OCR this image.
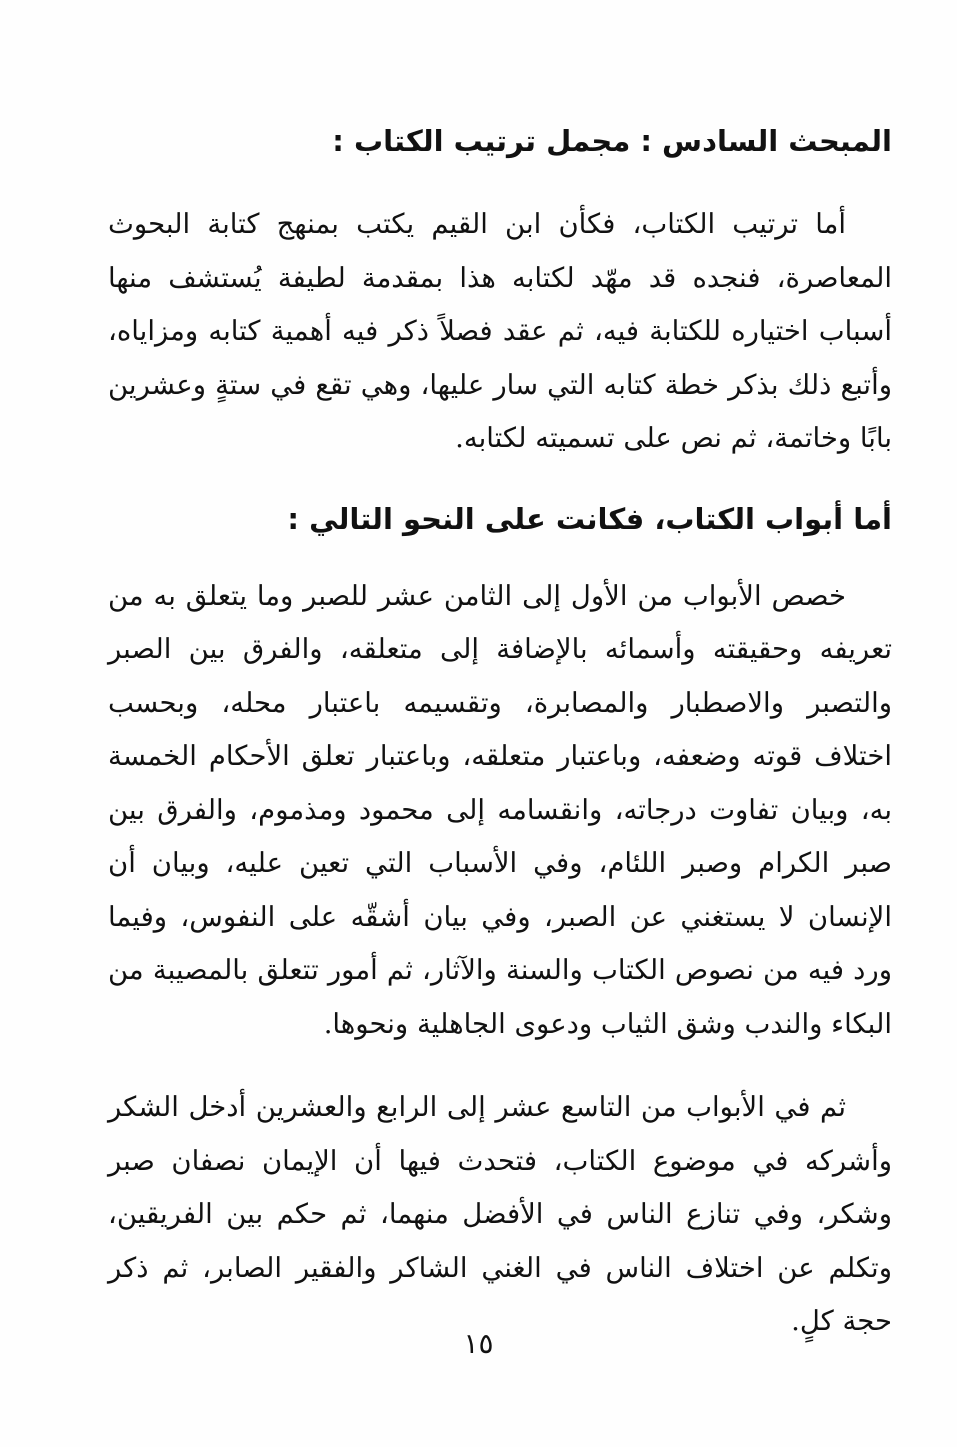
المبحث السادس : مجمل ترتيب الكتاب :

أما ترتيب الكتاب، فكأن ابن القيم يكتب بمنهج كتابة البحوث المعاصرة، فنجده قد مهّد لكتابه هذا بمقدمة لطيفة يُستشف منها أسباب اختياره للكتابة فيه، ثم عقد فصلاً ذكر فيه أهمية كتابه ومزاياه، وأتبع ذلك بذكر خطة كتابه التي سار عليها، وهي تقع في ستةٍ وعشرين بابًا وخاتمة، ثم نص على تسميته لكتابه.

أما أبواب الكتاب، فكانت على النحو التالي :

خصص الأبواب من الأول إلى الثامن عشر للصبر وما يتعلق به من تعريفه وحقيقته وأسمائه بالإضافة إلى متعلقه، والفرق بين الصبر والتصبر والاصطبار والمصابرة، وتقسيمه باعتبار محله، وبحسب اختلاف قوته وضعفه، وباعتبار متعلقه، وباعتبار تعلق الأحكام الخمسة به، وبيان تفاوت درجاته، وانقسامه إلى محمود ومذموم، والفرق بين صبر الكرام وصبر اللئام، وفي الأسباب التي تعين عليه، وبيان أن الإنسان لا يستغني عن الصبر، وفي بيان أشقّه على النفوس، وفيما ورد فيه من نصوص الكتاب والسنة والآثار، ثم أمور تتعلق بالمصيبة من البكاء والندب وشق الثياب ودعوى الجاهلية ونحوها.

ثم في الأبواب من التاسع عشر إلى الرابع والعشرين أدخل الشكر وأشركه في موضوع الكتاب، فتحدث فيها أن الإيمان نصفان صبر وشكر، وفي تنازع الناس في الأفضل منهما، ثم حكم بين الفريقين، وتكلم عن اختلاف الناس في الغني الشاكر والفقير الصابر، ثم ذكر حجة كلٍ.

١٥
